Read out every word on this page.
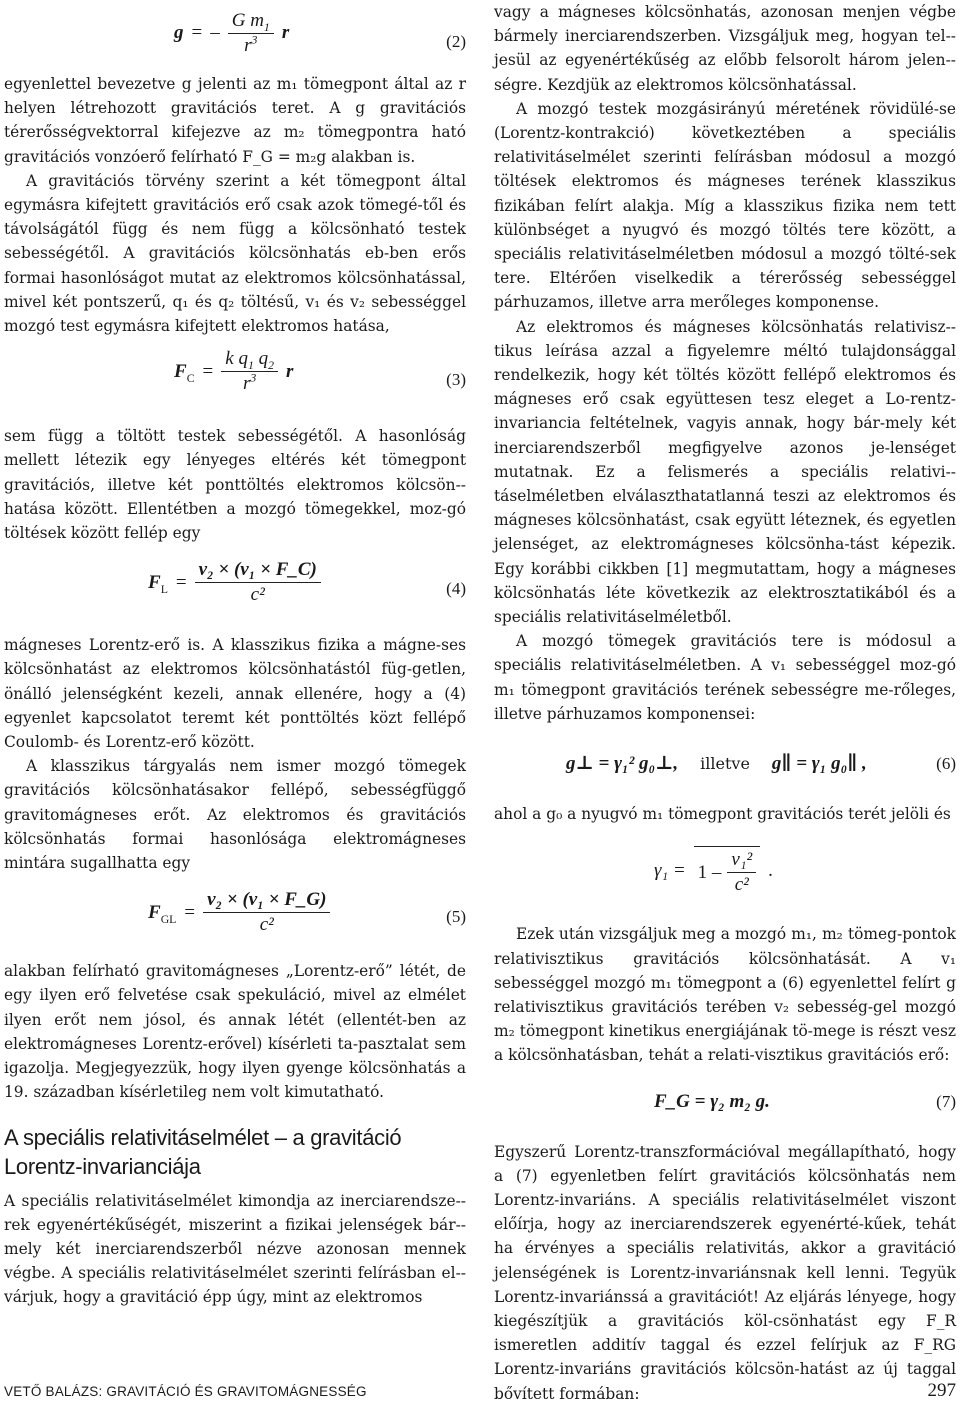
g = – $\frac{G m_1}{r^3}$ r	(2)

egyenlettel bevezetve g jelenti az m₁ tömegpont által az r helyen létrehozott gravitációs teret. A g gravitációs térerősségvektorral kifejezve az m₂ tömegpontra ható gravitációs vonzóerő felírható F_G = m₂g alakban is.

A gravitációs törvény szerint a két tömegpont által egymásra kifejtett gravitációs erő csak azok tömegé-től és távolságától függ és nem függ a kölcsönható testek sebességétől. A gravitációs kölcsönhatás eb-ben erős formai hasonlóságot mutat az elektromos kölcsönhatással, mivel két pontszerű, q₁ és q₂ töltésű, v₁ és v₂ sebességgel mozgó test egymásra kifejtett elektromos hatása,

$F_C = \frac{k q_1 q_2}{r^3}$ r	(3)

sem függ a töltött testek sebességétől. A hasonlóság mellett létezik egy lényeges eltérés két tömegpont gravitációs, illetve két ponttöltés elektromos kölcsön-hatása között. Ellentétben a mozgó tömegekkel, moz-gó töltések között fellép egy

$F_L = \frac{\text{v₂ × (v₁ × F\_C)}}{\text{c²}}$	(4)

mágneses Lorentz-erő is. A klasszikus fizika a mágne-ses kölcsönhatást az elektromos kölcsönhatástól füg-getlen, önálló jelenségként kezeli, annak ellenére, hogy a (4) egyenlet kapcsolatot teremt két ponttöltés közt fellépő Coulomb- és Lorentz-erő között.

A klasszikus tárgyalás nem ismer mozgó tömegek gravitációs kölcsönhatásakor fellépő, sebességfüggő gravitomágneses erőt. Az elektromos és gravitációs kölcsönhatás formai hasonlósága elektromágneses mintára sugallhatta egy

$F_{GL} = \frac{\text{v₂ × (v₁ × F\_G)}}{\text{c²}}$	(5)

alakban felírható gravitomágneses „Lorentz-erő” létét, de egy ilyen erő felvetése csak spekuláció, mivel az elmélet ilyen erőt nem jósol, és annak létét (ellentét-ben az elektromágneses Lorentz-erővel) kísérleti ta-pasztalat sem igazolja. Megjegyezzük, hogy ilyen gyenge kölcsönhatás a 19. században kísérletileg nem volt kimutatható.

A speciális relativitáselmélet – a gravitáció Lorentz-invarianciája

A speciális relativitáselmélet kimondja az inerciarendsze-rek egyenértékűségét, miszerint a fizikai jelenségek bár-mely két inerciarendszerből nézve azonosan mennek végbe. A speciális relativitáselmélet szerinti felírásban el-várjuk, hogy a gravitáció épp úgy, mint az elektromos

vagy a mágneses kölcsönhatás, azonosan menjen végbe bármely inerciarendszerben. Vizsgáljuk meg, hogyan tel-jesül az egyenértékűség az előbb felsorolt három jelen-ségre. Kezdjük az elektromos kölcsönhatással.

A mozgó testek mozgásirányú méretének rövidülé-se (Lorentz-kontrakció) következtében a speciális relativitáselmélet szerinti felírásban módosul a mozgó töltések elektromos és mágneses terének klasszikus fizikában felírt alakja. Míg a klasszikus fizika nem tett különbséget a nyugvó és mozgó töltés tere között, a speciális relativitáselméletben módosul a mozgó tölté-sek tere. Eltérően viselkedik a térerősség sebességgel párhuzamos, illetve arra merőleges komponense.

Az elektromos és mágneses kölcsönhatás relativisz-tikus leírása azzal a figyelemre méltó tulajdonsággal rendelkezik, hogy két töltés között fellépő elektromos és mágneses erő csak együttesen tesz eleget a Lo-rentz-invariancia feltételnek, vagyis annak, hogy bár-mely két inerciarendszerből megfigyelve azonos je-lenséget mutatnak. Ez a felismerés a speciális relativi-táselméletben elválaszthatatlanná teszi az elektromos és mágneses kölcsönhatást, csak együtt léteznek, és egyetlen jelenséget, az elektromágneses kölcsönha-tást képezik. Egy korábbi cikkben [1] megmutattam, hogy a mágneses kölcsönhatás léte következik az elektrosztatikából és a speciális relativitáselméletből.

A mozgó tömegek gravitációs tere is módosul a speciális relativitáselméletben. A v₁ sebességgel moz-gó m₁ tömegpont gravitációs terének sebességre me-rőleges, illetve párhuzamos komponensei:

g⊥ = γ₁² g₀⊥, illetve g∥ = γ₁ g₀∥ ,	(6)

ahol a g₀ a nyugvó m₁ tömegpont gravitációs terét jelöli és

$\gamma_1 = 1 - \frac{\text{v₁²}}{\text{c²}}$ .

Ezek után vizsgáljuk meg a mozgó m₁, m₂ tömeg-pontok relativisztikus gravitációs kölcsönhatását. A v₁ sebességgel mozgó m₁ tömegpont a (6) egyenlettel felírt g relativisztikus gravitációs terében v₂ sebesség-gel mozgó m₂ tömegpont kinetikus energiájának tö-mege is részt vesz a kölcsönhatásban, tehát a relati-visztikus gravitációs erő:

F_G = γ₂ m₂ g.	(7)

Egyszerű Lorentz-transzformációval megállapítható, hogy a (7) egyenletben felírt gravitációs kölcsönhatás nem Lorentz-invariáns. A speciális relativitáselmélet viszont előírja, hogy az inerciarendszerek egyenérté-kűek, tehát ha érvényes a speciális relativitás, akkor a gravitáció jelenségének is Lorentz-invariánsnak kell lenni. Tegyük Lorentz-invariánssá a gravitációt! Az eljárás lényege, hogy kiegészítjük a gravitációs köl-csönhatást egy F_R ismeretlen additív taggal és ezzel felírjuk az F_RG Lorentz-invariáns gravitációs kölcsön-hatást az új taggal bővített formában:

VETŐ BALÁZS: GRAVITÁCIÓ ÉS GRAVITOMÁGNESSÉG	297
